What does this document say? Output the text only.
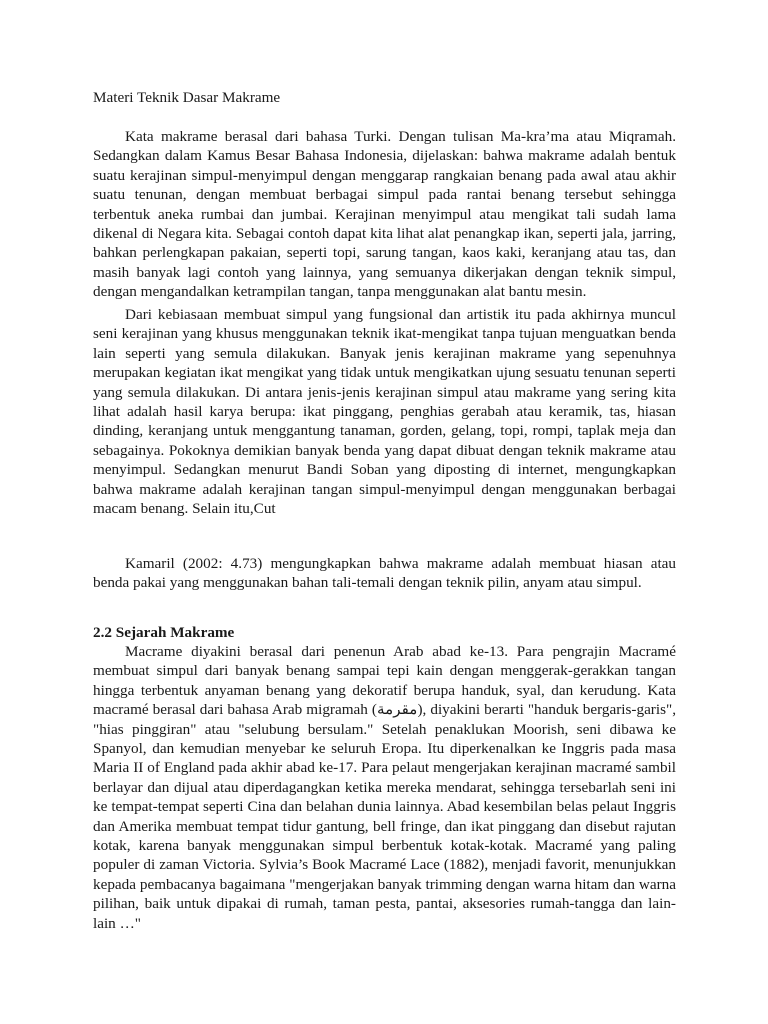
Materi Teknik Dasar Makrame

Kata makrame berasal dari bahasa Turki. Dengan tulisan Ma-kra’ma atau Miqramah. Sedangkan dalam Kamus Besar Bahasa Indonesia, dijelaskan: bahwa makrame adalah bentuk suatu kerajinan simpul-menyimpul dengan menggarap rangkaian benang pada awal atau akhir suatu tenunan, dengan membuat berbagai simpul pada rantai benang tersebut sehingga terbentuk aneka rumbai dan jumbai. Kerajinan menyimpul atau mengikat tali sudah lama dikenal di Negara kita. Sebagai contoh dapat kita lihat alat penangkap ikan, seperti jala, jarring, bahkan perlengkapan pakaian, seperti topi, sarung tangan, kaos kaki, keranjang atau tas, dan masih banyak lagi contoh yang lainnya, yang semuanya dikerjakan dengan teknik simpul, dengan mengandalkan ketrampilan tangan, tanpa menggunakan alat bantu mesin.

Dari kebiasaan membuat simpul yang fungsional dan artistik itu pada akhirnya muncul seni kerajinan yang khusus menggunakan teknik ikat-mengikat tanpa tujuan menguatkan benda lain seperti yang semula dilakukan. Banyak jenis kerajinan makrame yang sepenuhnya merupakan kegiatan ikat mengikat yang tidak untuk mengikatkan ujung sesuatu tenunan seperti yang semula dilakukan. Di antara jenis-jenis kerajinan simpul atau makrame yang sering kita lihat adalah hasil karya berupa: ikat pinggang, penghias gerabah atau keramik, tas, hiasan dinding, keranjang untuk menggantung tanaman, gorden, gelang, topi, rompi, taplak meja dan sebagainya. Pokoknya demikian banyak benda yang dapat dibuat dengan teknik makrame atau menyimpul. Sedangkan menurut Bandi Soban yang diposting di internet, mengungkapkan bahwa makrame adalah kerajinan tangan simpul-menyimpul dengan menggunakan berbagai macam benang. Selain itu,Cut

Kamaril (2002: 4.73) mengungkapkan bahwa makrame adalah membuat hiasan atau benda pakai yang menggunakan bahan tali-temali dengan teknik pilin, anyam atau simpul.

2.2 Sejarah Makrame

Macrame diyakini berasal dari penenun Arab abad ke-13. Para pengrajin Macramé membuat simpul dari banyak benang sampai tepi kain dengan menggerak-gerakkan tangan hingga terbentuk anyaman benang yang dekoratif berupa handuk, syal, dan kerudung. Kata macramé berasal dari bahasa Arab migramah (مقرمة), diyakini berarti "handuk bergaris-garis", "hias pinggiran" atau "selubung bersulam." Setelah penaklukan Moorish, seni dibawa ke Spanyol, dan kemudian menyebar ke seluruh Eropa. Itu diperkenalkan ke Inggris pada masa Maria II of England pada akhir abad ke-17. Para pelaut mengerjakan kerajinan macramé sambil berlayar dan dijual atau diperdagangkan ketika mereka mendarat, sehingga tersebarlah seni ini ke tempat-tempat seperti Cina dan belahan dunia lainnya. Abad kesembilan belas pelaut Inggris dan Amerika membuat tempat tidur gantung, bell fringe, dan ikat pinggang dan disebut rajutan kotak, karena banyak menggunakan simpul berbentuk kotak-kotak. Macramé yang paling populer di zaman Victoria. Sylvia’s Book Macramé Lace (1882), menjadi favorit, menunjukkan kepada pembacanya bagaimana "mengerjakan banyak trimming dengan warna hitam dan warna pilihan, baik untuk dipakai di rumah, taman pesta, pantai, aksesories rumah-tangga dan lain-lain …"
